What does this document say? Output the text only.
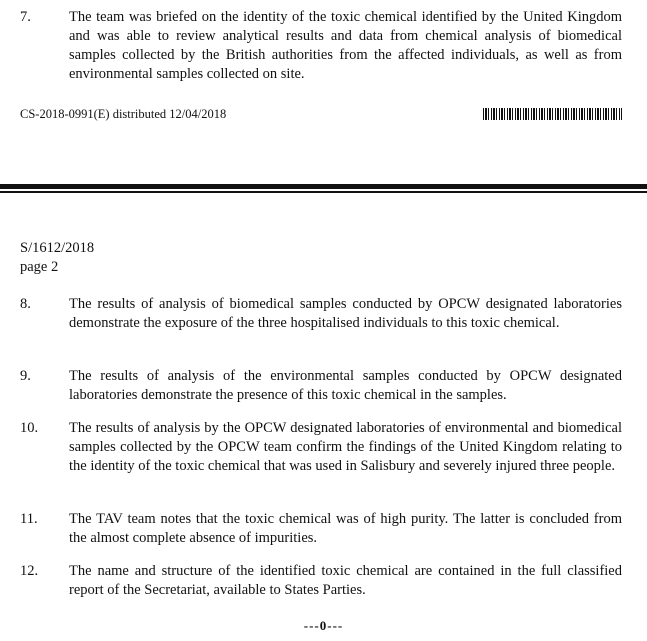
7.	The team was briefed on the identity of the toxic chemical identified by the United Kingdom and was able to review analytical results and data from chemical analysis of biomedical samples collected by the British authorities from the affected individuals, as well as from environmental samples collected on site.
CS-2018-0991(E) distributed 12/04/2018
S/1612/2018
page 2
8.	The results of analysis of biomedical samples conducted by OPCW designated laboratories demonstrate the exposure of the three hospitalised individuals to this toxic chemical.
9.	The results of analysis of the environmental samples conducted by OPCW designated laboratories demonstrate the presence of this toxic chemical in the samples.
10. The results of analysis by the OPCW designated laboratories of environmental and biomedical samples collected by the OPCW team confirm the findings of the United Kingdom relating to the identity of the toxic chemical that was used in Salisbury and severely injured three people.
11. The TAV team notes that the toxic chemical was of high purity. The latter is concluded from the almost complete absence of impurities.
12. The name and structure of the identified toxic chemical are contained in the full classified report of the Secretariat, available to States Parties.
---0---
